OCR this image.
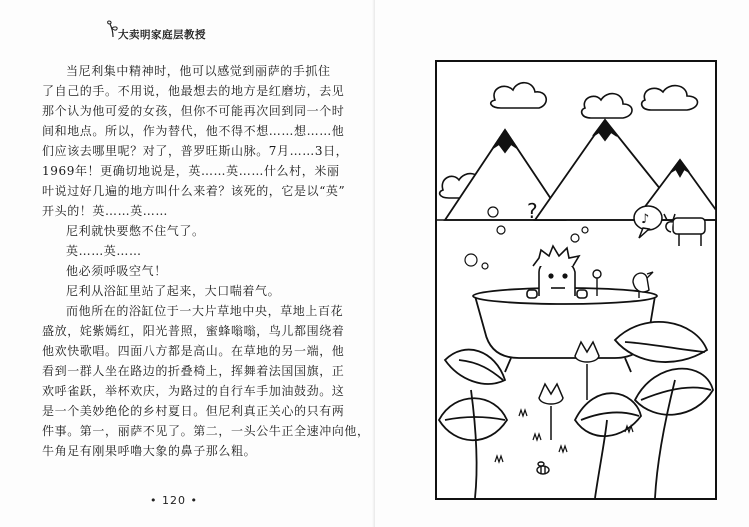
大卖明家庭层教授
当尼利集中精神时，他可以感觉到丽萨的手抓住
了自己的手。不用说，他最想去的地方是红磨坊，去见
那个认为他可爱的女孩，但你不可能再次回到同一个时
间和地点。所以，作为替代，他不得不想……想……他
们应该去哪里呢？对了，普罗旺斯山脉。7月……3日，
1969年！更确切地说是，英……英……什么村，米丽
叶说过好几遍的地方叫什么来着？该死的，它是以“英”
开头的！英……英……
尼利就快要憋不住气了。
英……英……
他必须呼吸空气！
尼利从浴缸里站了起来，大口喘着气。
而他所在的浴缸位于一大片草地中央，草地上百花
盛放，姹紫嫣红，阳光普照，蜜蜂嗡嗡，鸟儿都围绕着
他欢快歌唱。四面八方都是高山。在草地的另一端，他
看到一群人坐在路边的折叠椅上，挥舞着法国国旗，正
欢呼雀跃，举杯欢庆，为路过的自行车手加油鼓劲。这
是一个美妙绝伦的乡村夏日。但尼利真正关心的只有两
件事。第一，丽萨不见了。第二，一头公牛正全速冲向他，
牛角足有刚果呼噜大象的鼻子那么粗。
• 120 •
?	♪
